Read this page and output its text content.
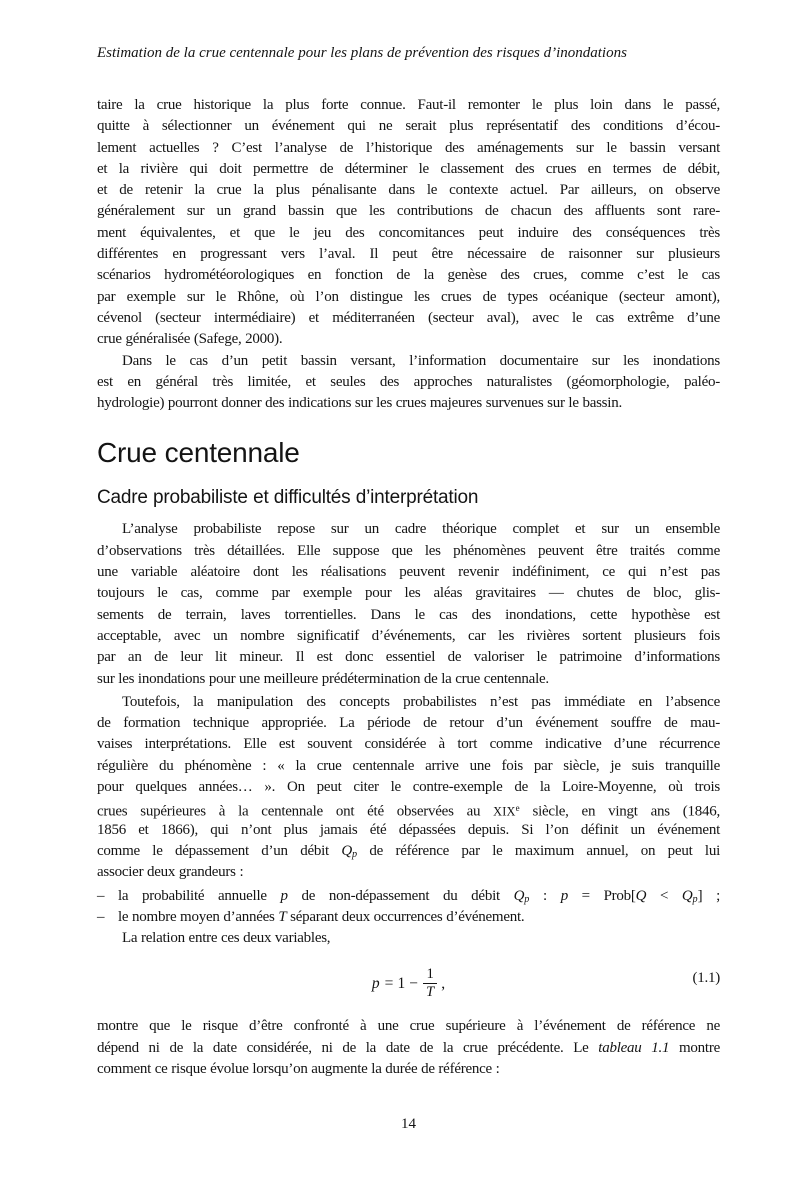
Estimation de la crue centennale pour les plans de prévention des risques d’inondations
taire la crue historique la plus forte connue. Faut-il remonter le plus loin dans le passé,
quitte à sélectionner un événement qui ne serait plus représentatif des conditions d’écou-
lement actuelles ? C’est l’analyse de l’historique des aménagements sur le bassin versant
et la rivière qui doit permettre de déterminer le classement des crues en termes de débit,
et de retenir la crue la plus pénalisante dans le contexte actuel. Par ailleurs, on observe
généralement sur un grand bassin que les contributions de chacun des affluents sont rare-
ment équivalentes, et que le jeu des concomitances peut induire des conséquences très
différentes en progressant vers l’aval. Il peut être nécessaire de raisonner sur plusieurs
scénarios hydrométéorologiques en fonction de la genèse des crues, comme c’est le cas
par exemple sur le Rhône, où l’on distingue les crues de types océanique (secteur amont),
cévenol (secteur intermédiaire) et méditerranéen (secteur aval), avec le cas extrême d’une
crue généralisée (Safege, 2000).
Dans le cas d’un petit bassin versant, l’information documentaire sur les inondations
est en général très limitée, et seules des approches naturalistes (géomorphologie, paléo-
hydrologie) pourront donner des indications sur les crues majeures survenues sur le bassin.
Crue centennale
Cadre probabiliste et difficultés d’interprétation
L’analyse probabiliste repose sur un cadre théorique complet et sur un ensemble
d’observations très détaillées. Elle suppose que les phénomènes peuvent être traités comme
une variable aléatoire dont les réalisations peuvent revenir indéfiniment, ce qui n’est pas
toujours le cas, comme par exemple pour les aléas gravitaires — chutes de bloc, glis-
sements de terrain, laves torrentielles. Dans le cas des inondations, cette hypothèse est
acceptable, avec un nombre significatif d’événements, car les rivières sortent plusieurs fois
par an de leur lit mineur. Il est donc essentiel de valoriser le patrimoine d’informations
sur les inondations pour une meilleure prédétermination de la crue centennale.
Toutefois, la manipulation des concepts probabilistes n’est pas immédiate en l’absence
de formation technique appropriée. La période de retour d’un événement souffre de mau-
vaises interprétations. Elle est souvent considérée à tort comme indicative d’une récurrence
régulière du phénomène : « la crue centennale arrive une fois par siècle, je suis tranquille
pour quelques années… ». On peut citer le contre-exemple de la Loire-Moyenne, où trois
crues supérieures à la centennale ont été observées au XIXe siècle, en vingt ans (1846,
1856 et 1866), qui n’ont plus jamais été dépassées depuis. Si l’on définit un événement
comme le dépassement d’un débit Qp de référence par le maximum annuel, on peut lui
associer deux grandeurs :
– la probabilité annuelle p de non-dépassement du débit Qp : p = Prob[Q < Qp] ;
– le nombre moyen d’années T séparant deux occurrences d’événement.
La relation entre ces deux variables,
$p = 1 - \frac{1}{T}$ ,	(1.1)
montre que le risque d’être confronté à une crue supérieure à l’événement de référence ne
dépend ni de la date considérée, ni de la date de la crue précédente. Le tableau 1.1 montre
comment ce risque évolue lorsqu’on augmente la durée de référence :
14
